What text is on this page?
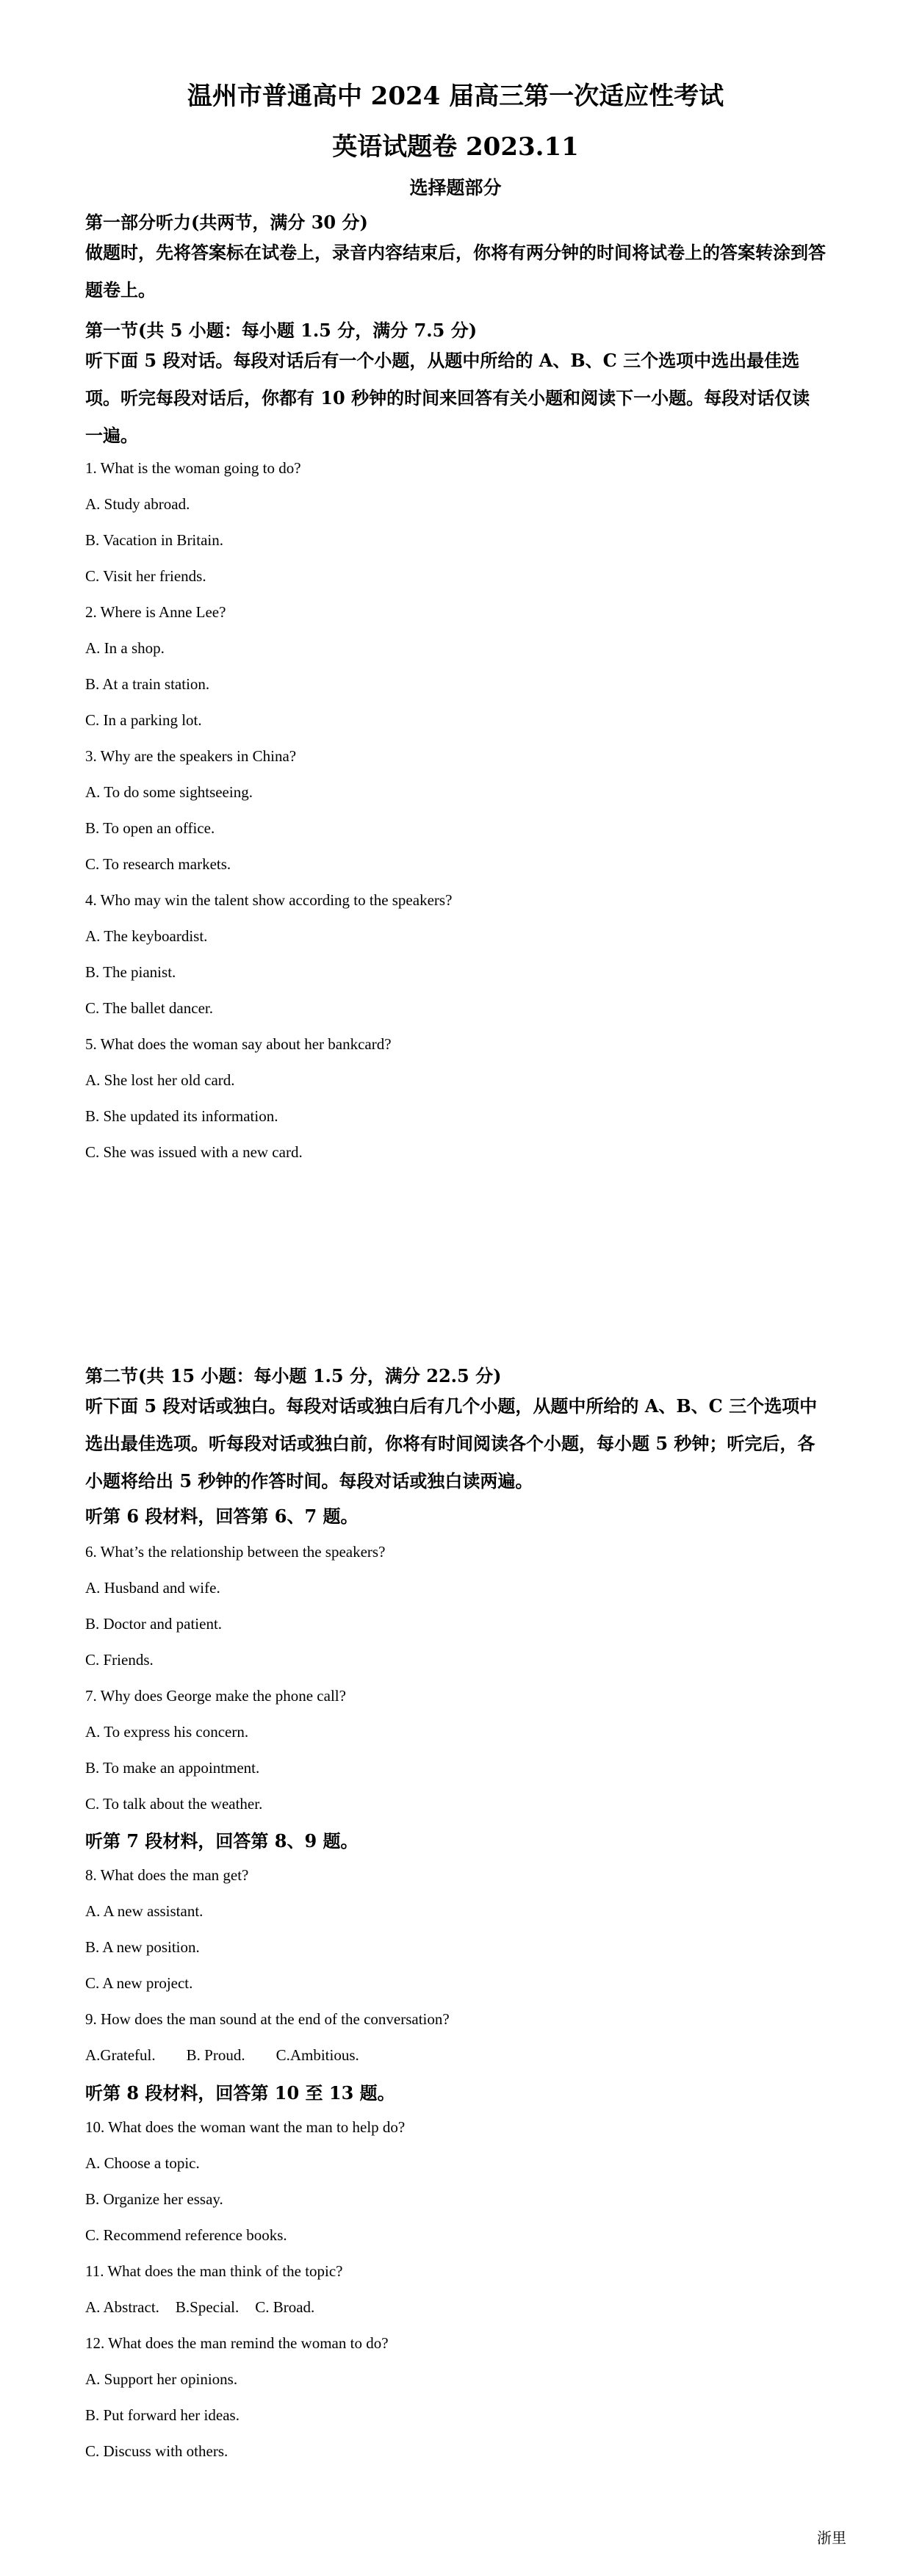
温州市普通高中 2024 届高三第一次适应性考试
英语试题卷 2023.11
选择题部分
第一部分听力(共两节，满分 30 分)
做题时，先将答案标在试卷上，录音内容结束后，你将有两分钟的时间将试卷上的答案转涂到答题卷上。
第一节(共 5 小题：每小题 1.5 分，满分 7.5 分)
听下面 5 段对话。每段对话后有一个小题，从题中所给的 A、B、C 三个选项中选出最佳选项。听完每段对话后，你都有 10 秒钟的时间来回答有关小题和阅读下一小题。每段对话仅读一遍。
1. What is the woman going to do?
A. Study abroad.
B. Vacation in Britain.
C. Visit her friends.
2. Where is Anne Lee?
A. In a shop.
B. At a train station.
C. In a parking lot.
3. Why are the speakers in China?
A. To do some sightseeing.
B. To open an office.
C. To research markets.
4. Who may win the talent show according to the speakers?
A. The keyboardist.
B. The pianist.
C. The ballet dancer.
5. What does the woman say about her bankcard?
A. She lost her old card.
B. She updated its information.
C. She was issued with a new card.
第二节(共 15 小题：每小题 1.5 分，满分 22.5 分)
听下面 5 段对话或独白。每段对话或独白后有几个小题，从题中所给的 A、B、C 三个选项中选出最佳选项。听每段对话或独白前，你将有时间阅读各个小题，每小题 5 秒钟；听完后，各小题将给出 5 秒钟的作答时间。每段对话或独白读两遍。
听第 6 段材料，回答第 6、7 题。
6. What’s the relationship between the speakers?
A. Husband and wife.
B. Doctor and patient.
C. Friends.
7. Why does George make the phone call?
A. To express his concern.
B. To make an appointment.
C. To talk about the weather.
听第 7 段材料，回答第 8、9 题。
8. What does the man get?
A. A new assistant.
B. A new position.
C. A new project.
9. How does the man sound at the end of the conversation?
A.Grateful. B. Proud. C.Ambitious.
听第 8 段材料，回答第 10 至 13 题。
10. What does the woman want the man to help do?
A. Choose a topic.
B. Organize her essay.
C. Recommend reference books.
11. What does the man think of the topic?
A. Abstract. B.Special. C. Broad.
12. What does the man remind the woman to do?
A. Support her opinions.
B. Put forward her ideas.
C. Discuss with others.
浙里
